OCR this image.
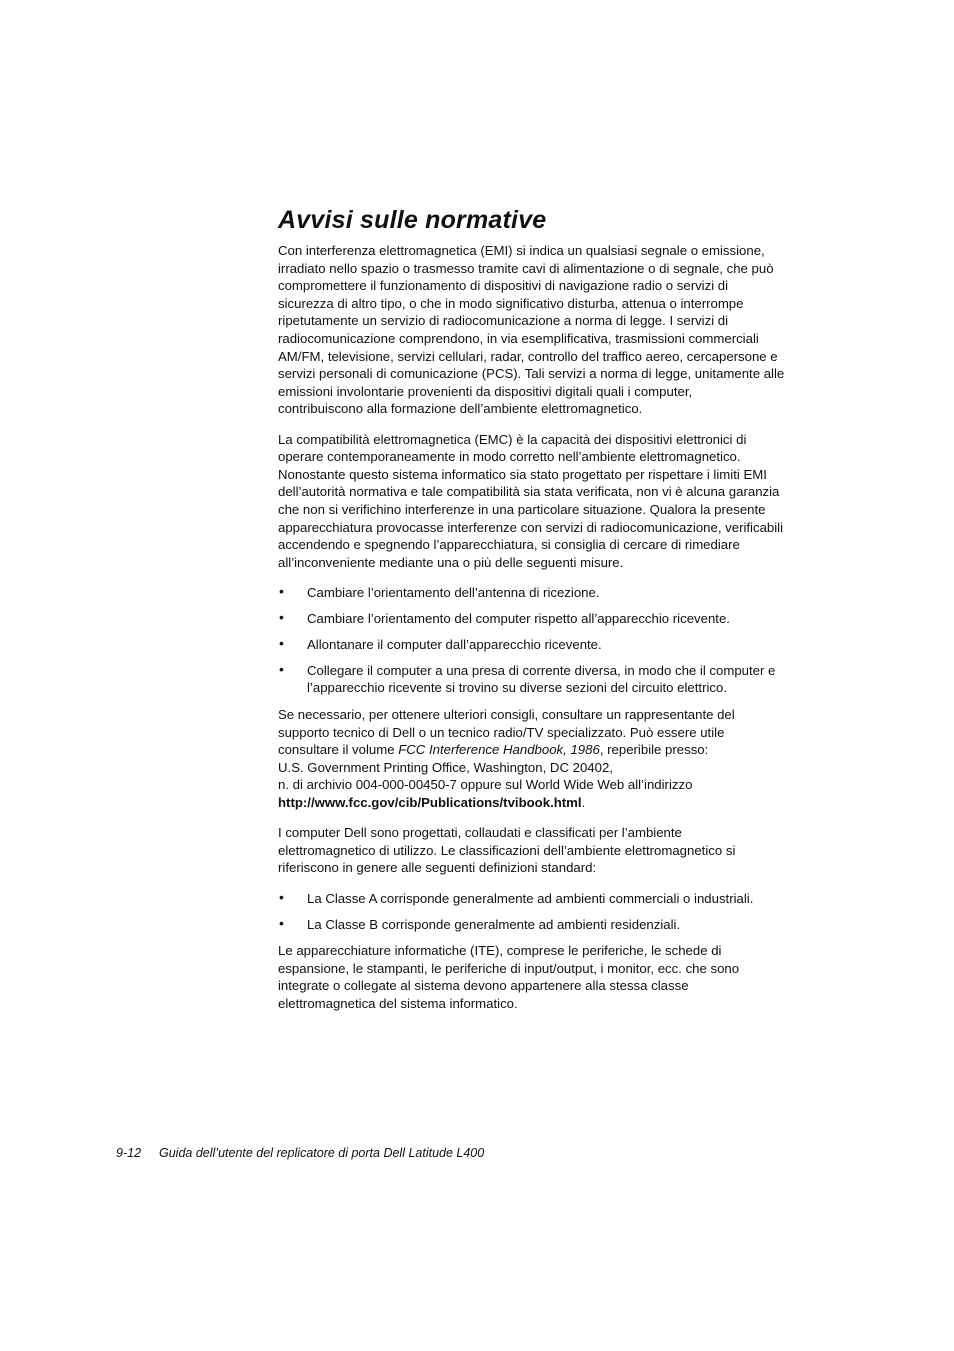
Avvisi sulle normative

Con interferenza elettromagnetica (EMI) si indica un qualsiasi segnale o emissione,
irradiato nello spazio o trasmesso tramite cavi di alimentazione o di segnale, che può
compromettere il funzionamento di dispositivi di navigazione radio o servizi di
sicurezza di altro tipo, o che in modo significativo disturba, attenua o interrompe
ripetutamente un servizio di radiocomunicazione a norma di legge. I servizi di
radiocomunicazione comprendono, in via esemplificativa, trasmissioni commerciali
AM/FM, televisione, servizi cellulari, radar, controllo del traffico aereo, cercapersone e
servizi personali di comunicazione (PCS). Tali servizi a norma di legge, unitamente alle
emissioni involontarie provenienti da dispositivi digitali quali i computer,
contribuiscono alla formazione dell’ambiente elettromagnetico.

La compatibilità elettromagnetica (EMC) è la capacità dei dispositivi elettronici di
operare contemporaneamente in modo corretto nell’ambiente elettromagnetico.
Nonostante questo sistema informatico sia stato progettato per rispettare i limiti EMI
dell’autorità normativa e tale compatibilità sia stata verificata, non vi è alcuna garanzia
che non si verifichino interferenze in una particolare situazione. Qualora la presente
apparecchiatura provocasse interferenze con servizi di radiocomunicazione, verificabili
accendendo e spegnendo l’apparecchiatura, si consiglia di cercare di rimediare
all’inconveniente mediante una o più delle seguenti misure.

• Cambiare l’orientamento dell’antenna di ricezione.
• Cambiare l’orientamento del computer rispetto all’apparecchio ricevente.
• Allontanare il computer dall’apparecchio ricevente.
• Collegare il computer a una presa di corrente diversa, in modo che il computer e
l’apparecchio ricevente si trovino su diverse sezioni del circuito elettrico.

Se necessario, per ottenere ulteriori consigli, consultare un rappresentante del
supporto tecnico di Dell o un tecnico radio/TV specializzato. Può essere utile
consultare il volume FCC Interference Handbook, 1986, reperibile presso:
U.S. Government Printing Office, Washington, DC 20402,
n. di archivio 004-000-00450-7 oppure sul World Wide Web all’indirizzo
http://www.fcc.gov/cib/Publications/tvibook.html.

I computer Dell sono progettati, collaudati e classificati per l’ambiente
elettromagnetico di utilizzo. Le classificazioni dell’ambiente elettromagnetico si
riferiscono in genere alle seguenti definizioni standard:

• La Classe A corrisponde generalmente ad ambienti commerciali o industriali.
• La Classe B corrisponde generalmente ad ambienti residenziali.

Le apparecchiature informatiche (ITE), comprese le periferiche, le schede di
espansione, le stampanti, le periferiche di input/output, i monitor, ecc. che sono
integrate o collegate al sistema devono appartenere alla stessa classe
elettromagnetica del sistema informatico.

9-12 Guida dell’utente del replicatore di porta Dell Latitude L400
